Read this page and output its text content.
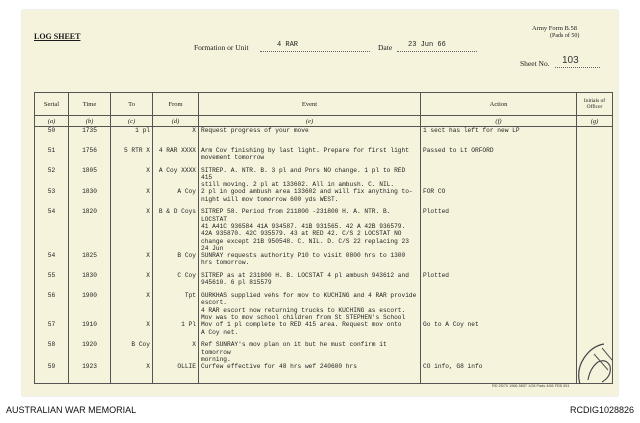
LOG SHEET
Army Form B.58
(Pads of 50)
Formation or Unit	4 RAR	Date 23 Jun 66
Sheet No. 103
Serial	Time	To	From	Event	Action	Initials of Officer
(a)	(b)	(c)	(d)	(e)	(f)	(g)
50	1735	1 pl	X	Request progress of your move	1 sect has left for new LP	
51	1756	5 RTR X	4 RAR XXXX	Arm Cov finishing by last light. Prepare for first light
movement tomorrow	Passed to Lt ORFORD	
52	1805	X	A Coy XXXX	SITREP. A. NTR. B. 3 pl and Pnrs NO change. 1 pl to RED 415
still moving. 2 pl at 133602. All in ambush. C. NIL.		
53	1830	X	A Coy	2 pl in good ambush area 133602 and will fix anything to-
night will mov tomorrow 600 yds WEST.	FOR CO	
54	1820	X	B & D Coys	SITREP 58. Period from 211800 -231800 H. A. NTR. B. LOCSTAT
41 A41C 936584 41A 934587. 41B 931565. 42 A 42B 936579.
42A 935870. 42C 935579. 43 at RED 42. C/S 2 LOCSTAT NO
change except 21B 950548. C. NIL. D. C/S 22 replacing 23 24 Jun	Plotted	
54	1825	X	B Coy	SUNRAY requests authority P10 to visit 0800 hrs to 1300 hrs tomorrow.		
55	1830	X	C Coy	SITREP as at 231800 H. B. LOCSTAT 4 pl ambush 943612 and
945610. 6 pl 815579	Plotted	
56	1900	X	Tpt	GURKHAS supplied vehs for mov to KUCHING and 4 RAR provide escort.
4 RAR escort now returning trucks to KUCHING as escort.
Mov was to mov school children from St STEPHEN's School		
57	1910	X	1 Pl	Mov of 1 pl complete to RED 415 area. Request mov onto
A Coy net.	Go to A Coy net	
58	1920	B Coy	X	Ref SUNRAY's mov plan on it but he must confirm it tomorrow
morning.		
59	1923	X	OLLIE	Curfew effective for 48 hrs wef 240600 hrs	CO info, G8 info	
RD 25/70 1966 5837 1/28 Pads 4/66 FEB 051
AUSTRALIAN WAR MEMORIAL	RCDIG1028826
